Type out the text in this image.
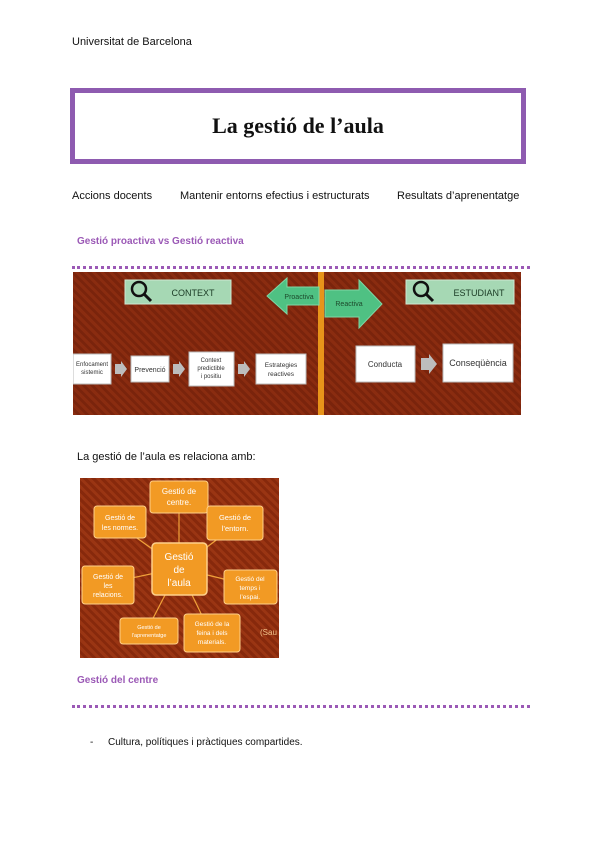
Universitat de Barcelona
La gestió de l’aula
Accions docents	Mantenir entorns efectius i estructurats Resultats d’aprenentatge
Gestió proactiva vs Gestió reactiva
CONTEXT	ESTUDIANT
Proactiva
Reactiva
Enfocament
sistemic	Prevenció
Context
predictible
i positiu
Estrategies
reactives
Conducta	Conseqüència
La gestió de l’aula es relaciona amb:
Gestió de
centre.
Gestió de
les normes.
Gestió de
l’entorn.
Gestió
de
l’aula
Gestió de
les
relacions.
Gestió del
temps i
l’espai.
Gestió de
l’aprenentatge
Gestió de la
feina i dels
materials.
(Sau
Gestió del centre
- Cultura, polítiques i pràctiques compartides.
